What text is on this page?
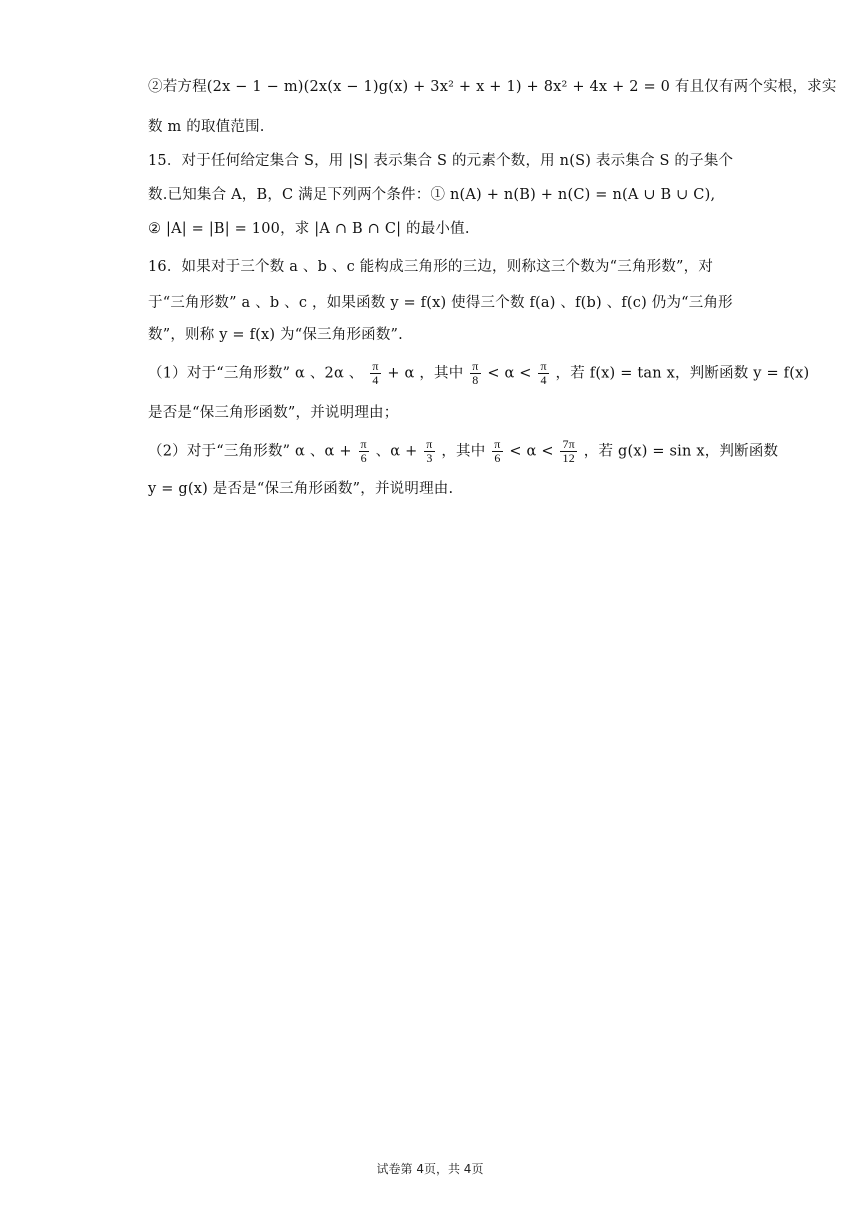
②若方程(2x − 1 − m)(2x(x − 1)g(x) + 3x² + x + 1) + 8x² + 4x + 2 = 0 有且仅有两个实根，求实
数 m 的取值范围.
15．对于任何给定集合 S，用 |S| 表示集合 S 的元素个数，用 n(S) 表示集合 S 的子集个
数.已知集合 A，B，C 满足下列两个条件：① n(A) + n(B) + n(C) = n(A ∪ B ∪ C),
② |A| = |B| = 100，求 |A ∩ B ∩ C| 的最小值.
16．如果对于三个数 a 、b 、c 能构成三角形的三边，则称这三个数为“三角形数”，对
于“三角形数” a 、b 、c ，如果函数 y = f(x) 使得三个数 f(a) 、f(b) 、f(c) 仍为“三角形
数”，则称 y = f(x) 为“保三角形函数”.
（1）对于“三角形数” α 、2α 、 $\frac{\pi}{4} + \alpha$ ，其中 $\frac{\pi}{8} < \alpha < \frac{\pi}{4}$ ，若 f(x) = tan x，判断函数 y = f(x)
是否是“保三角形函数”，并说明理由；
（2）对于“三角形数” α 、$\alpha + \frac{\pi}{6}$ 、$\alpha + \frac{\pi}{3}$ ，其中 $\frac{\pi}{6} < \alpha < \frac{7\pi}{12}$ ，若 g(x) = sin x，判断函数
y = g(x) 是否是“保三角形函数”，并说明理由.
试卷第 4页，共 4页
